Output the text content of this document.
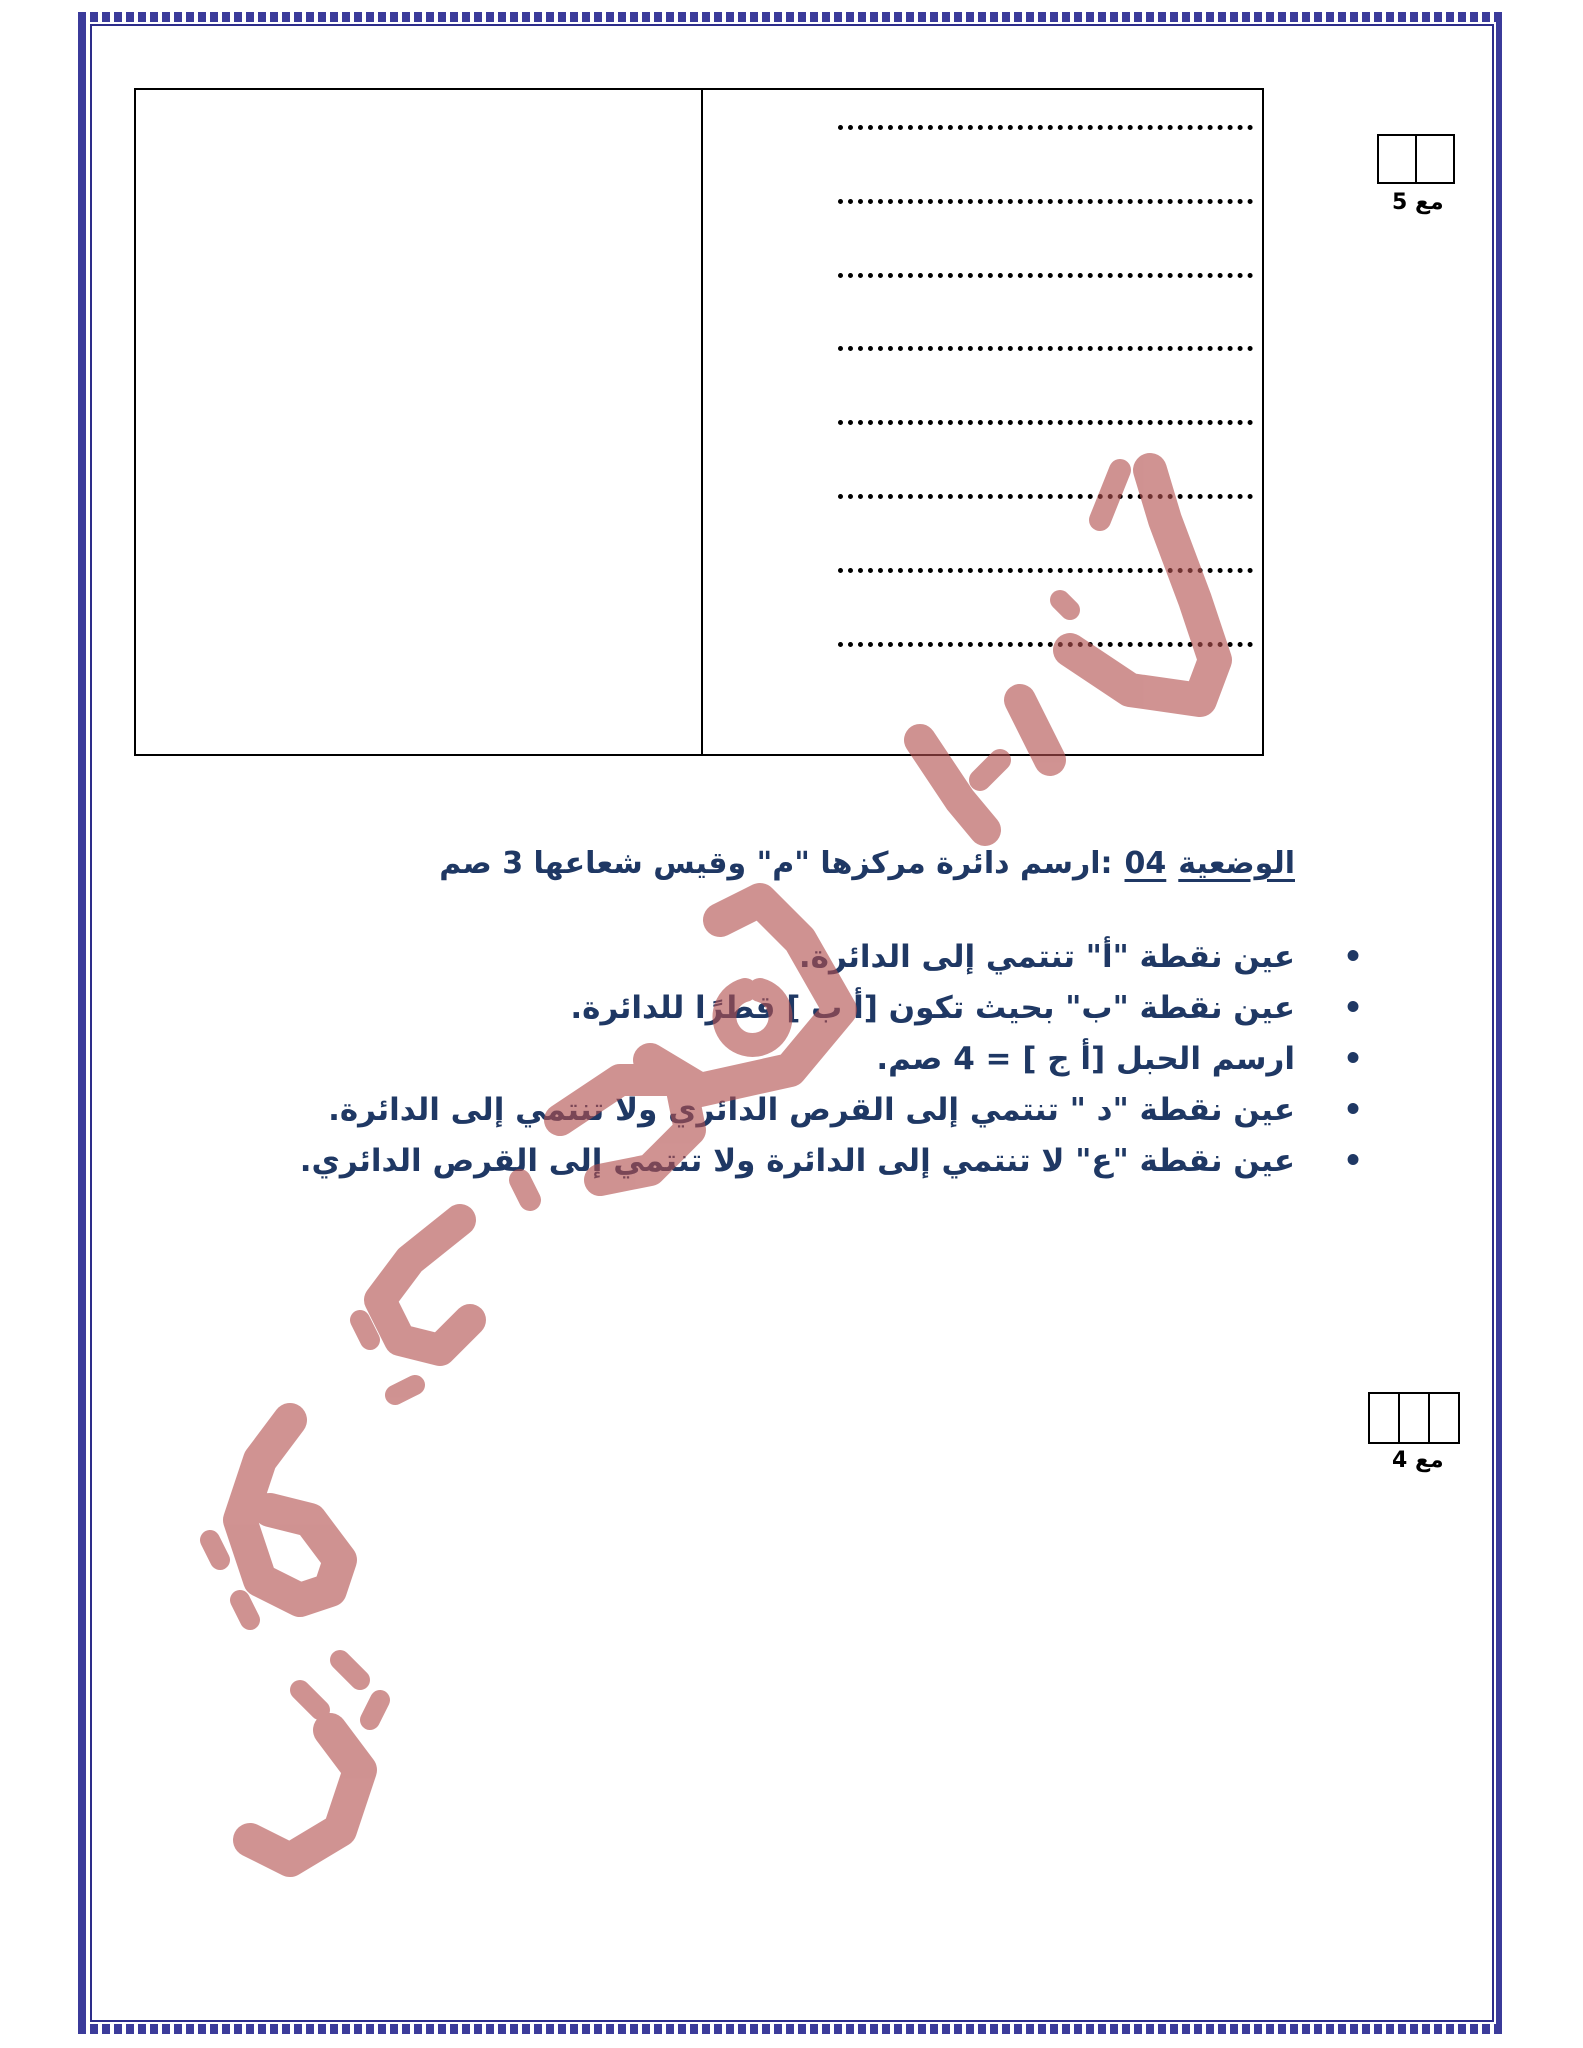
مع 5
مع 4
الوضعية04:ارسم دائرة مركزها "م" وقيس شعاعها 3 صم
• عين نقطة "أ" تنتمي إلى الدائرة.
• عين نقطة "ب" بحيث تكون [أ ب ] قطرًا للدائرة.
• ارسم الحبل [أ ج ] = 4 صم.
• عين نقطة "د " تنتمي إلى القرص الدائري ولا تنتمي إلى الدائرة.
• عين نقطة "ع" لا تنتمي إلى الدائرة ولا تنتمي إلى القرص الدائري.
